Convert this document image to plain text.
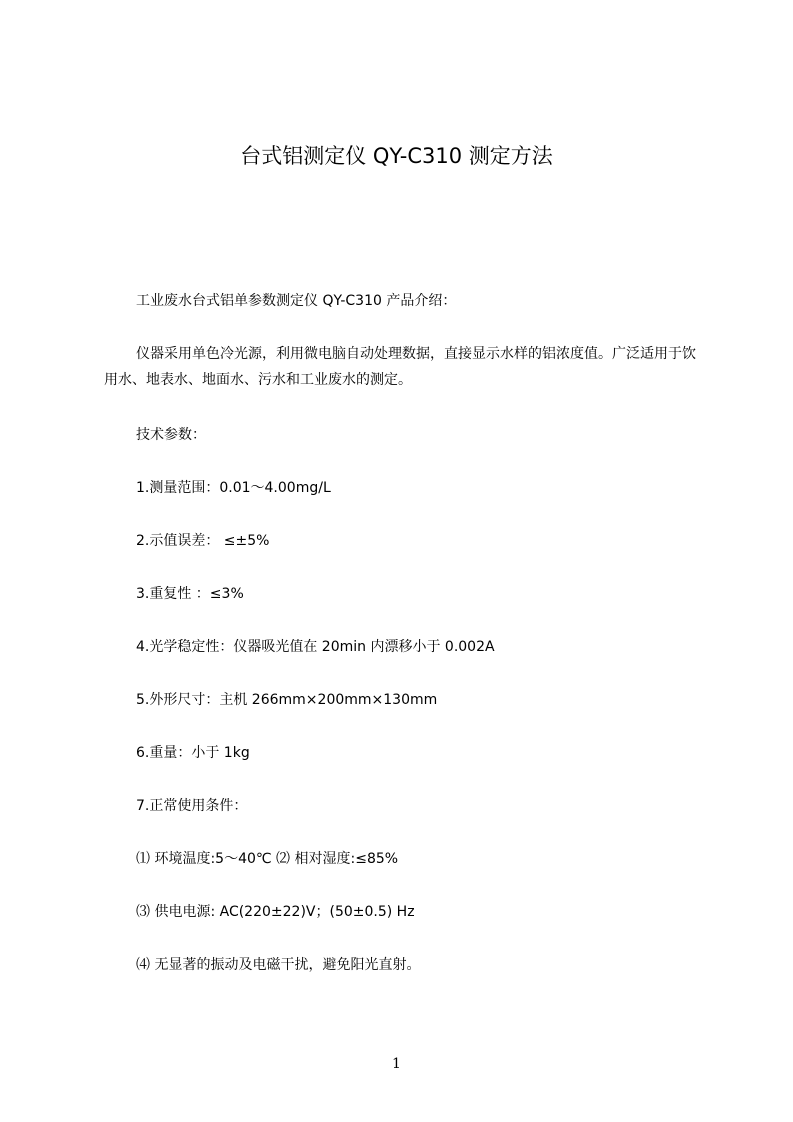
台式铝测定仪 QY-C310 测定方法
工业废水台式铝单参数测定仪 QY-C310 产品介绍：
仪器采用单色冷光源，利用微电脑自动处理数据，直接显示水样的铝浓度值。广泛适用于饮用水、地表水、地面水、污水和工业废水的测定。
技术参数：
1.测量范围：0.01～4.00mg/L
2.示值误差： ≤±5%
3.重复性 ：≤3%
4.光学稳定性：仪器吸光值在 20min 内漂移小于 0.002A
5.外形尺寸：主机 266mm×200mm×130mm
6.重量：小于 1kg
7.正常使用条件：
⑴ 环境温度:5～40℃ ⑵ 相对湿度:≤85%
⑶ 供电电源: AC(220±22)V；(50±0.5) Hz
⑷ 无显著的振动及电磁干扰，避免阳光直射。
1
